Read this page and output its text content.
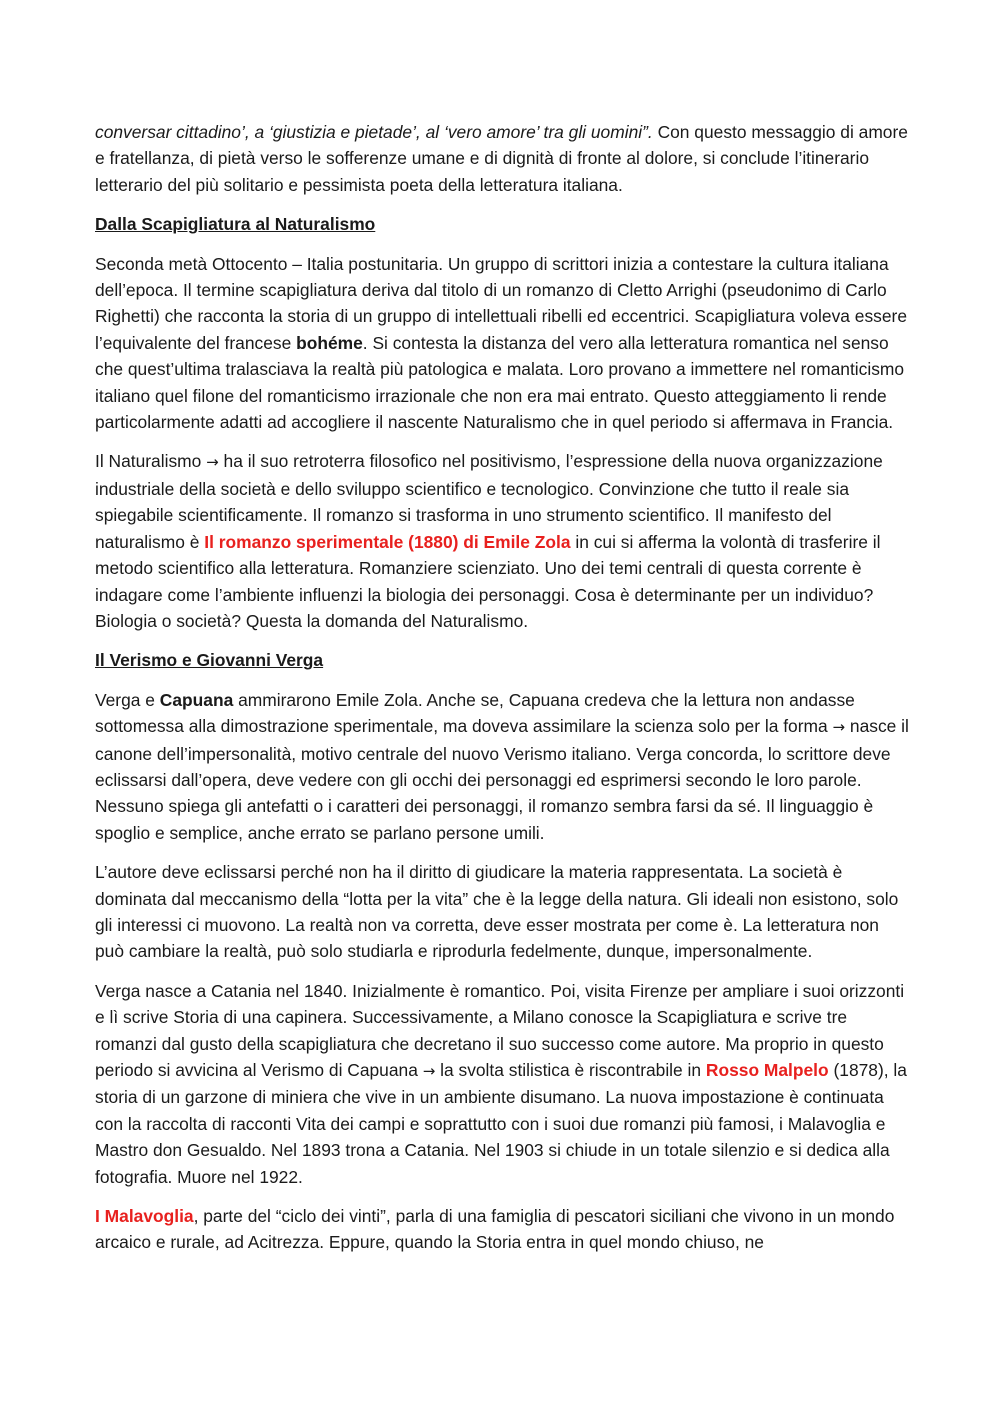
conversar cittadino’, a ‘giustizia e pietade’, al ‘vero amore’ tra gli uomini”. Con questo messaggio di amore e fratellanza, di pietà verso le sofferenze umane e di dignità di fronte al dolore, si conclude l’itinerario letterario del più solitario e pessimista poeta della letteratura italiana.

Dalla Scapigliatura al Naturalismo

Seconda metà Ottocento – Italia postunitaria. Un gruppo di scrittori inizia a contestare la cultura italiana dell’epoca. Il termine scapigliatura deriva dal titolo di un romanzo di Cletto Arrighi (pseudonimo di Carlo Righetti) che racconta la storia di un gruppo di intellettuali ribelli ed eccentrici. Scapigliatura voleva essere l’equivalente del francese bohéme. Si contesta la distanza del vero alla letteratura romantica nel senso che quest’ultima tralasciava la realtà più patologica e malata. Loro provano a immettere nel romanticismo italiano quel filone del romanticismo irrazionale che non era mai entrato. Questo atteggiamento li rende particolarmente adatti ad accogliere il nascente Naturalismo che in quel periodo si affermava in Francia.

Il Naturalismo → ha il suo retroterra filosofico nel positivismo, l’espressione della nuova organizzazione industriale della società e dello sviluppo scientifico e tecnologico. Convinzione che tutto il reale sia spiegabile scientificamente. Il romanzo si trasforma in uno strumento scientifico. Il manifesto del naturalismo è Il romanzo sperimentale (1880) di Emile Zola in cui si afferma la volontà di trasferire il metodo scientifico alla letteratura. Romanziere scienziato. Uno dei temi centrali di questa corrente è indagare come l’ambiente influenzi la biologia dei personaggi. Cosa è determinante per un individuo? Biologia o società? Questa la domanda del Naturalismo.

Il Verismo e Giovanni Verga

Verga e Capuana ammirarono Emile Zola. Anche se, Capuana credeva che la lettura non andasse sottomessa alla dimostrazione sperimentale, ma doveva assimilare la scienza solo per la forma → nasce il canone dell’impersonalità, motivo centrale del nuovo Verismo italiano. Verga concorda, lo scrittore deve eclissarsi dall’opera, deve vedere con gli occhi dei personaggi ed esprimersi secondo le loro parole. Nessuno spiega gli antefatti o i caratteri dei personaggi, il romanzo sembra farsi da sé. Il linguaggio è spoglio e semplice, anche errato se parlano persone umili.

L’autore deve eclissarsi perché non ha il diritto di giudicare la materia rappresentata. La società è dominata dal meccanismo della “lotta per la vita” che è la legge della natura. Gli ideali non esistono, solo gli interessi ci muovono. La realtà non va corretta, deve esser mostrata per come è. La letteratura non può cambiare la realtà, può solo studiarla e riprodurla fedelmente, dunque, impersonalmente.

Verga nasce a Catania nel 1840. Inizialmente è romantico. Poi, visita Firenze per ampliare i suoi orizzonti e lì scrive Storia di una capinera. Successivamente, a Milano conosce la Scapigliatura e scrive tre romanzi dal gusto della scapigliatura che decretano il suo successo come autore. Ma proprio in questo periodo si avvicina al Verismo di Capuana → la svolta stilistica è riscontrabile in Rosso Malpelo (1878), la storia di un garzone di miniera che vive in un ambiente disumano. La nuova impostazione è continuata con la raccolta di racconti Vita dei campi e soprattutto con i suoi due romanzi più famosi, i Malavoglia e Mastro don Gesualdo. Nel 1893 trona a Catania. Nel 1903 si chiude in un totale silenzio e si dedica alla fotografia. Muore nel 1922.

I Malavoglia, parte del “ciclo dei vinti”, parla di una famiglia di pescatori siciliani che vivono in un mondo arcaico e rurale, ad Acitrezza. Eppure, quando la Storia entra in quel mondo chiuso, ne
